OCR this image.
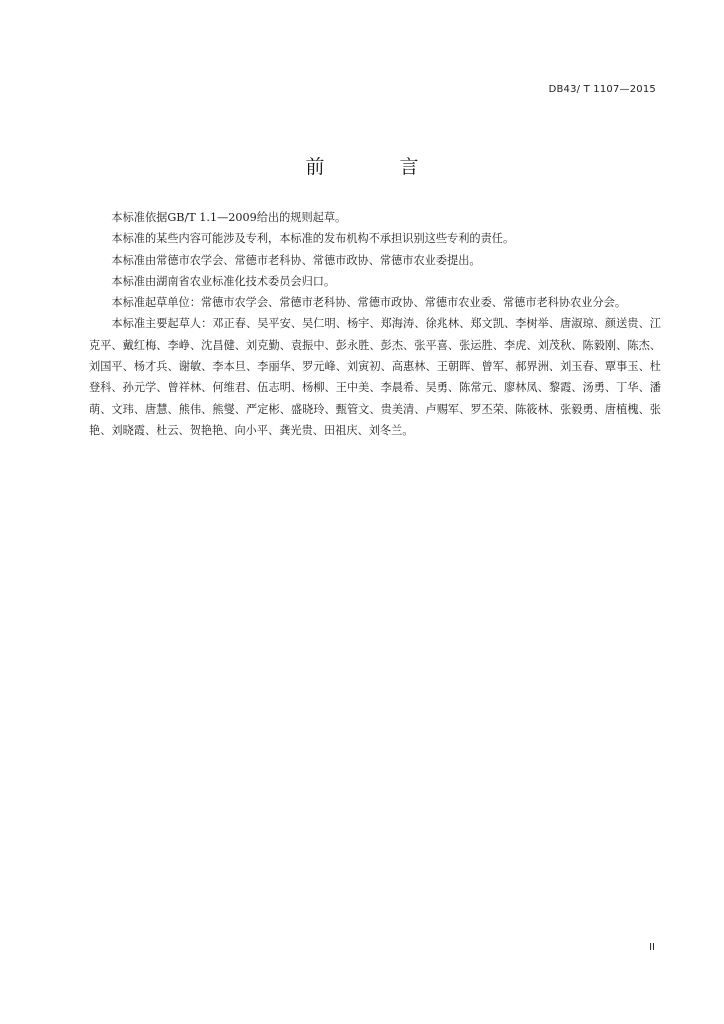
DB43/ T 1107—2015
前　言

本标准依据GB/T 1.1—2009给出的规则起草。

本标准的某些内容可能涉及专利，本标准的发布机构不承担识别这些专利的责任。

本标准由常德市农学会、常德市老科协、常德市政协、常德市农业委提出。

本标准由湖南省农业标准化技术委员会归口。

本标准起草单位：常德市农学会、常德市老科协、常德市政协、常德市农业委、常德市老科协农业分会。

本标准主要起草人：邓正春、吴平安、吴仁明、杨宇、郑海涛、徐兆林、郑文凯、李树举、唐淑琼、颜送贵、江克平、戴红梅、李峥、沈昌健、刘克勤、袁振中、彭永胜、彭杰、张平喜、张运胜、李虎、刘茂秋、陈毅刚、陈杰、刘国平、杨才兵、谢敏、李本旦、李丽华、罗元峰、刘寅初、高惠林、王朝晖、曾军、郝界洲、刘玉春、覃事玉、杜登科、孙元学、曾祥林、何维君、伍志明、杨柳、王中美、李晨希、吴勇、陈常元、廖林凤、黎霞、汤勇、丁华、潘萌、文玮、唐慧、熊伟、熊燮、严定彬、盛晓玲、甄管文、贵美清、卢赐军、罗丕荣、陈筱林、张毅勇、唐植槐、张艳、刘晓霞、杜云、贺艳艳、向小平、龚光贵、田祖庆、刘冬兰。

II
